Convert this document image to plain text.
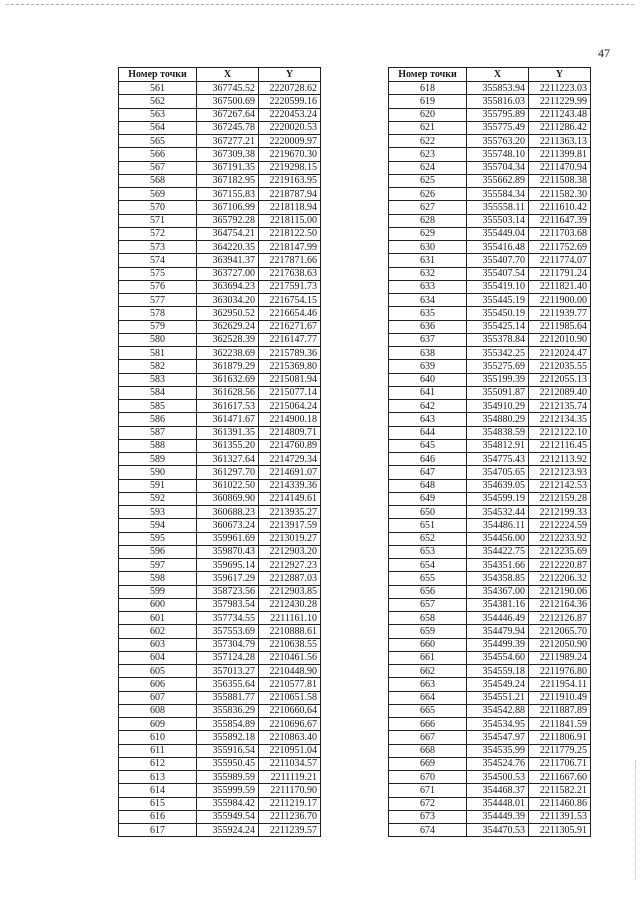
47
Номер точки	X	Y
561	367745.52	2220728.62
562	367500.69	2220599.16
563	367267.64	2220453.24
564	367245.78	2220020.53
565	367277.21	2220009.97
566	367309.38	2219670.30
567	367191.35	2219298.15
568	367182.95	2219163.95
569	367155.83	2218787.94
570	367106.99	2218118.94
571	365792.28	2218115.00
572	364754.21	2218122.50
573	364220.35	2218147.99
574	363941.37	2217871.66
575	363727.00	2217638.63
576	363694.23	2217591.73
577	363034.20	2216754.15
578	362950.52	2216654.46
579	362629.24	2216271.67
580	362528.39	2216147.77
581	362238.69	2215789.36
582	361879.29	2215369.80
583	361632.69	2215081.94
584	361628.56	2215077.14
585	361617.53	2215064.24
586	361471.67	2214900.18
587	361391.35	2214809.71
588	361355.20	2214760.89
589	361327.64	2214729.34
590	361297.70	2214691.07
591	361022.50	2214339.36
592	360869.90	2214149.61
593	360688.23	2213935.27
594	360673.24	2213917.59
595	359961.69	2213019.27
596	359870.43	2212903.20
597	359695.14	2212927.23
598	359617.29	2212887.03
599	358723.56	2212903.85
600	357983.54	2212430.28
601	357734.55	2211161.10
602	357553.69	2210888.61
603	357304.79	2210638.55
604	357124.28	2210461.56
605	357013.27	2210448.90
606	356355.64	2210577.81
607	355881.77	2210651.58
608	355836.29	2210660.64
609	355854.89	2210696.67
610	355892.18	2210863.40
611	355916.54	2210951.04
612	355950.45	2211034.57
613	355989.59	2211119.21
614	355999.59	2211170.90
615	355984.42	2211219.17
616	355949.54	2211236.70
617	355924.24	2211239.57
Номер точки	X	Y
618	355853.94	2211223.03
619	355816.03	2211229.99
620	355795.89	2211243.48
621	355775.49	2211286.42
622	355763.20	2211363.13
623	355748.10	2211399.81
624	355704.34	2211470.94
625	355662.89	2211508.38
626	355584.34	2211582.30
627	355558.11	2211610.42
628	355503.14	2211647.39
629	355449.04	2211703.68
630	355416.48	2211752.69
631	355407.70	2211774.07
632	355407.54	2211791.24
633	355419.10	2211821.40
634	355445.19	2211900.00
635	355450.19	2211939.77
636	355425.14	2211985.64
637	355378.84	2212010.90
638	355342.25	2212024.47
639	355275.69	2212035.55
640	355199.39	2212055.13
641	355091.87	2212089.40
642	354910.29	2212135.74
643	354880.29	2212134.35
644	354838.59	2212122.10
645	354812.91	2212116.45
646	354775.43	2212113.92
647	354705.65	2212123.93
648	354639.05	2212142.53
649	354599.19	2212159.28
650	354532.44	2212199.33
651	354486.11	2212224.59
652	354456.00	2212233.92
653	354422.75	2212235.69
654	354351.66	2212220.87
655	354358.85	2212206.32
656	354367.00	2212190.06
657	354381.16	2212164.36
658	354446.49	2212126.87
659	354479.94	2212065.70
660	354499.39	2212050.90
661	354554.60	2211989.24
662	354559.18	2211976.80
663	354549.24	2211954.11
664	354551.21	2211910.49
665	354542.88	2211887.89
666	354534.95	2211841.59
667	354547.97	2211806.91
668	354535.99	2211779.25
669	354524.76	2211706.71
670	354500.53	2211667.60
671	354468.37	2211582.21
672	354448.01	2211460.86
673	354449.39	2211391.53
674	354470.53	2211305.91
